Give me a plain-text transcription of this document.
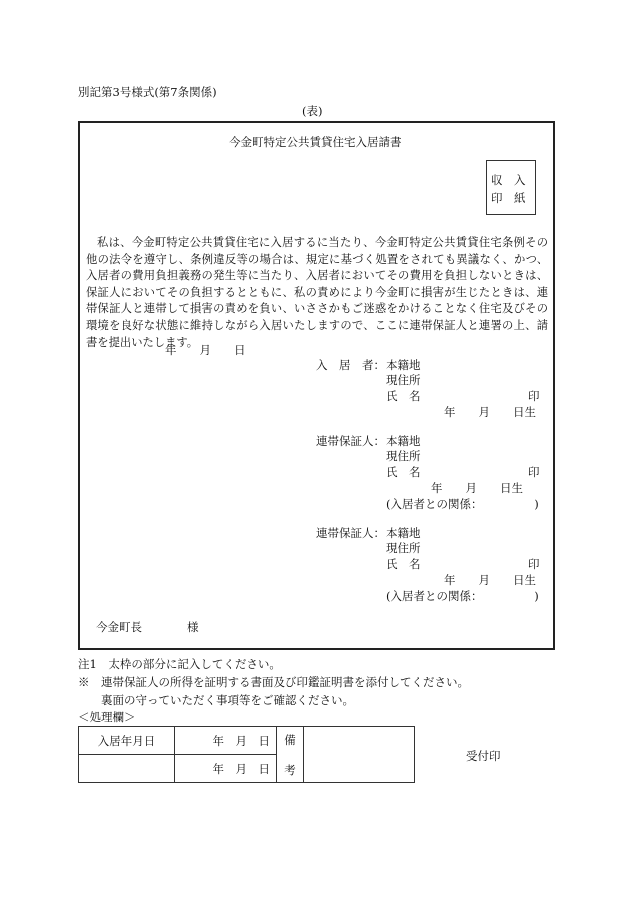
別記第3号様式(第7条関係)
(表)
今金町特定公共賃貸住宅入居請書
収　入
印　紙

私は、今金町特定公共賃貸住宅に入居するに当たり、今金町特定公共賃貸住宅条例その他の法令を遵守し、条例違反等の場合は、規定に基づく処置をされても異議なく、かつ、入居者の費用負担義務の発生等に当たり、入居者においてその費用を負担しないときは、保証人においてその負担するとともに、私の責めにより今金町に損害が生じたときは、連帯保証人と連帯して損害の責めを負い、いささかもご迷惑をかけることなく住宅及びその環境を良好な状態に維持しながら入居いたしますので、ここに連帯保証人と連署の上、請書を提出いたします。

年　　月　　日
入　居　者： 本籍地
現住所
氏　名	印
年　　月　　日生
連帯保証人： 本籍地
現住所
氏　名	印
年　　月　　日生
(入居者との関係：　　　　　)
連帯保証人： 本籍地
現住所
氏　名	印
年　　月　　日生
(入居者との関係：　　　　　)
今金町長	様
注1　太枠の部分に記入してください。
※　連帯保証人の所得を証明する書面及び印鑑証明書を添付してください。
裏面の守っていただく事項等をご確認ください。
＜処理欄＞
入居年月日	年　月　日	備
考	

	年　月　日		
受付印
